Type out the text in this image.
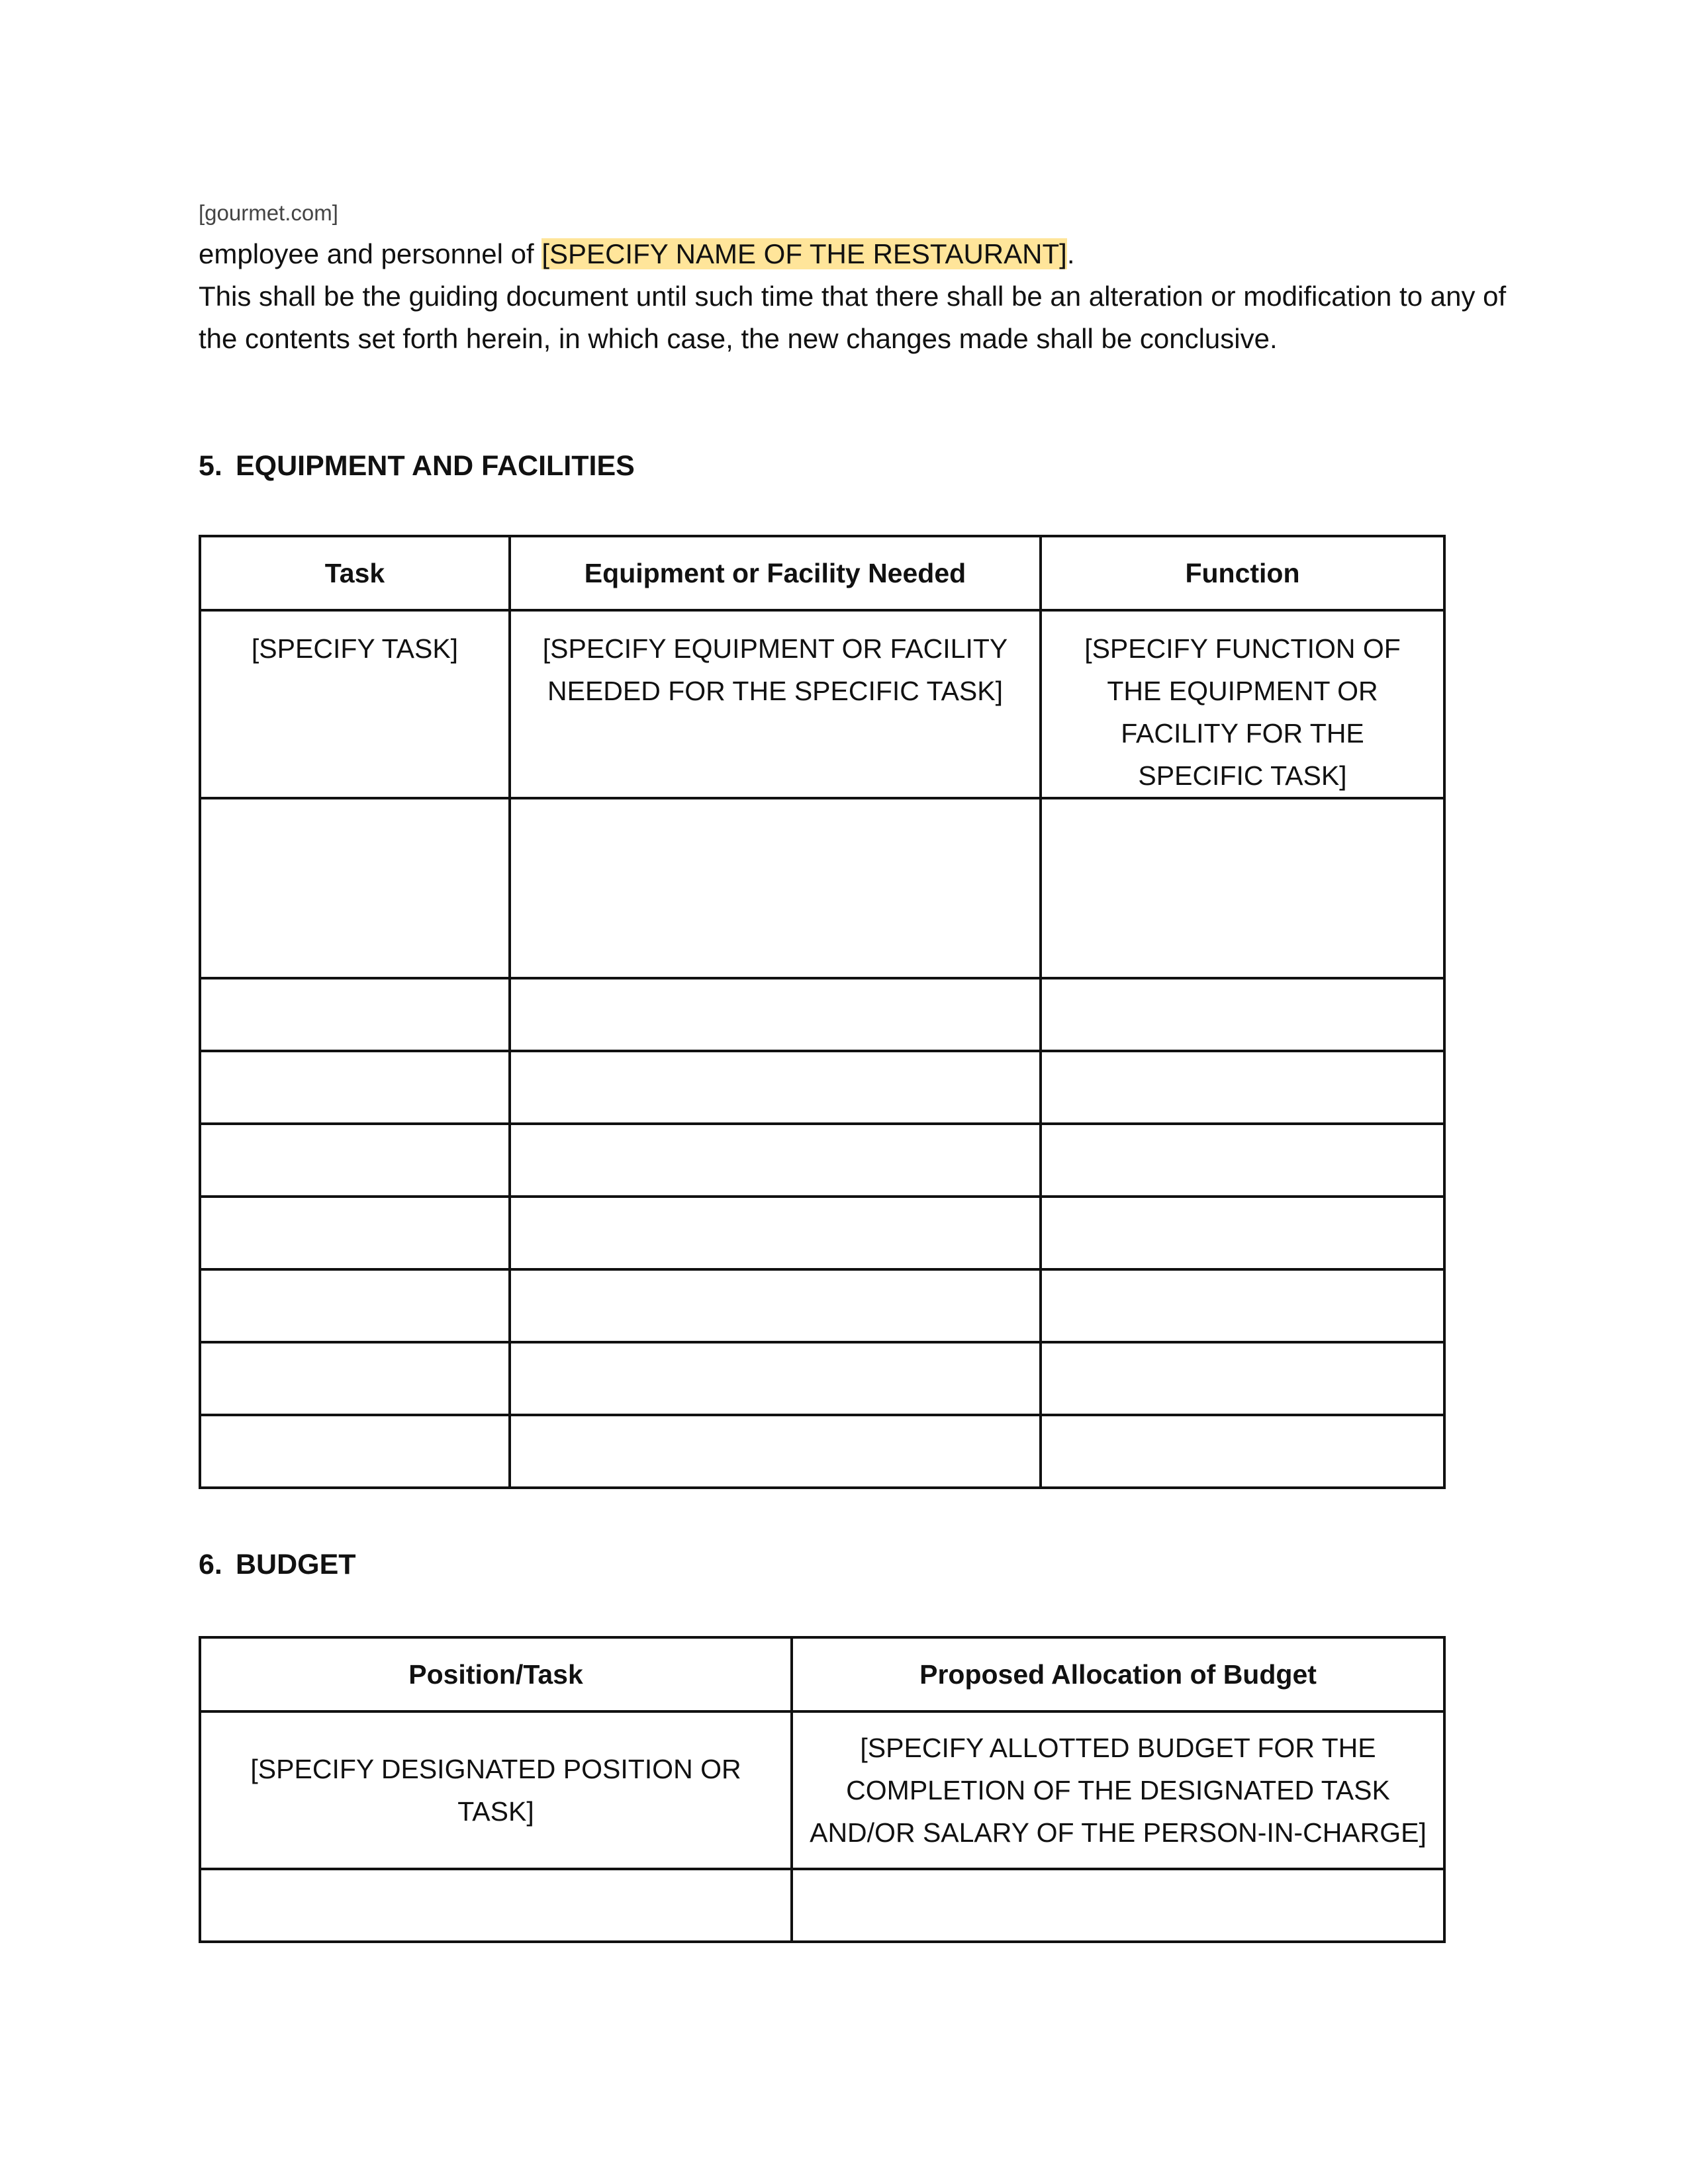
[gourmet.com]
employee and personnel of [SPECIFY NAME OF THE RESTAURANT].
This shall be the guiding document until such time that there shall be an alteration or modification to any of the contents set forth herein, in which case, the new changes made shall be conclusive.
5. EQUIPMENT AND FACILITIES
Task	Equipment or Facility Needed	Function
[SPECIFY TASK]	[SPECIFY EQUIPMENT OR FACILITY NEEDED FOR THE SPECIFIC TASK]	[SPECIFY FUNCTION OF THE EQUIPMENT OR FACILITY FOR THE SPECIFIC TASK]

6. BUDGET
Position/Task	Proposed Allocation of Budget
[SPECIFY DESIGNATED POSITION OR TASK]	[SPECIFY ALLOTTED BUDGET FOR THE COMPLETION OF THE DESIGNATED TASK AND/OR SALARY OF THE PERSON-IN-CHARGE]
